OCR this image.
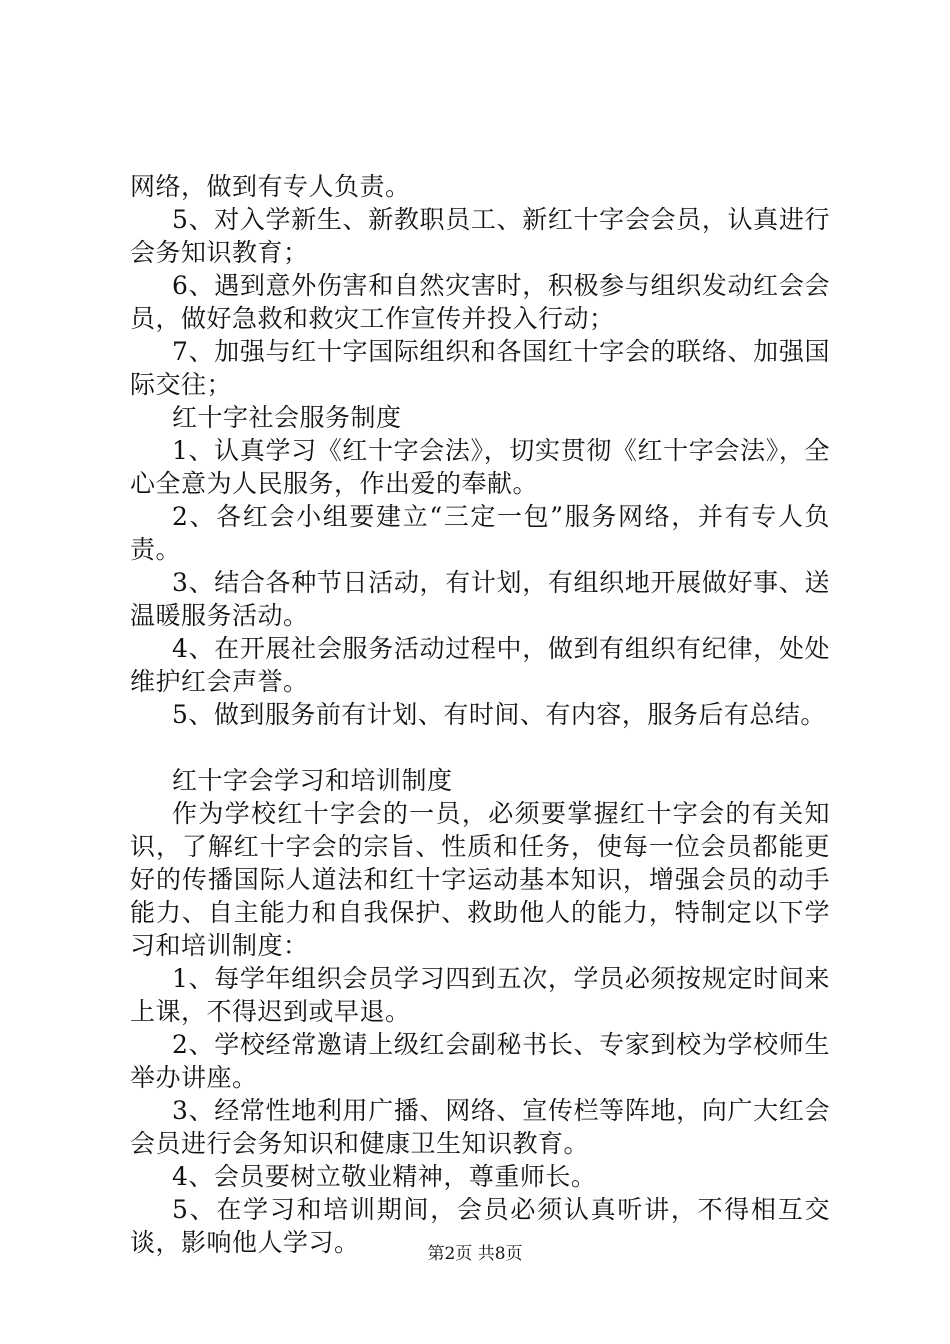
网络，做到有专人负责。

5、对入学新生、新教职员工、新红十字会会员，认真进行会务知识教育；

6、遇到意外伤害和自然灾害时，积极参与组织发动红会会员，做好急救和救灾工作宣传并投入行动；

7、加强与红十字国际组织和各国红十字会的联络、加强国际交往；

红十字社会服务制度

1、认真学习《红十字会法》，切实贯彻《红十字会法》，全心全意为人民服务，作出爱的奉献。

2、各红会小组要建立“三定一包”服务网络，并有专人负责。

3、结合各种节日活动，有计划，有组织地开展做好事、送温暖服务活动。

4、在开展社会服务活动过程中，做到有组织有纪律，处处维护红会声誉。

5、做到服务前有计划、有时间、有内容，服务后有总结。

红十字会学习和培训制度

作为学校红十字会的一员，必须要掌握红十字会的有关知识，了解红十字会的宗旨、性质和任务，使每一位会员都能更好的传播国际人道法和红十字运动基本知识，增强会员的动手能力、自主能力和自我保护、救助他人的能力，特制定以下学习和培训制度：

1、每学年组织会员学习四到五次，学员必须按规定时间来上课，不得迟到或早退。

2、学校经常邀请上级红会副秘书长、专家到校为学校师生举办讲座。

3、经常性地利用广播、网络、宣传栏等阵地，向广大红会会员进行会务知识和健康卫生知识教育。

4、会员要树立敬业精神，尊重师长。

5、在学习和培训期间，会员必须认真听讲，不得相互交谈，影响他人学习。	第2页 共8页
